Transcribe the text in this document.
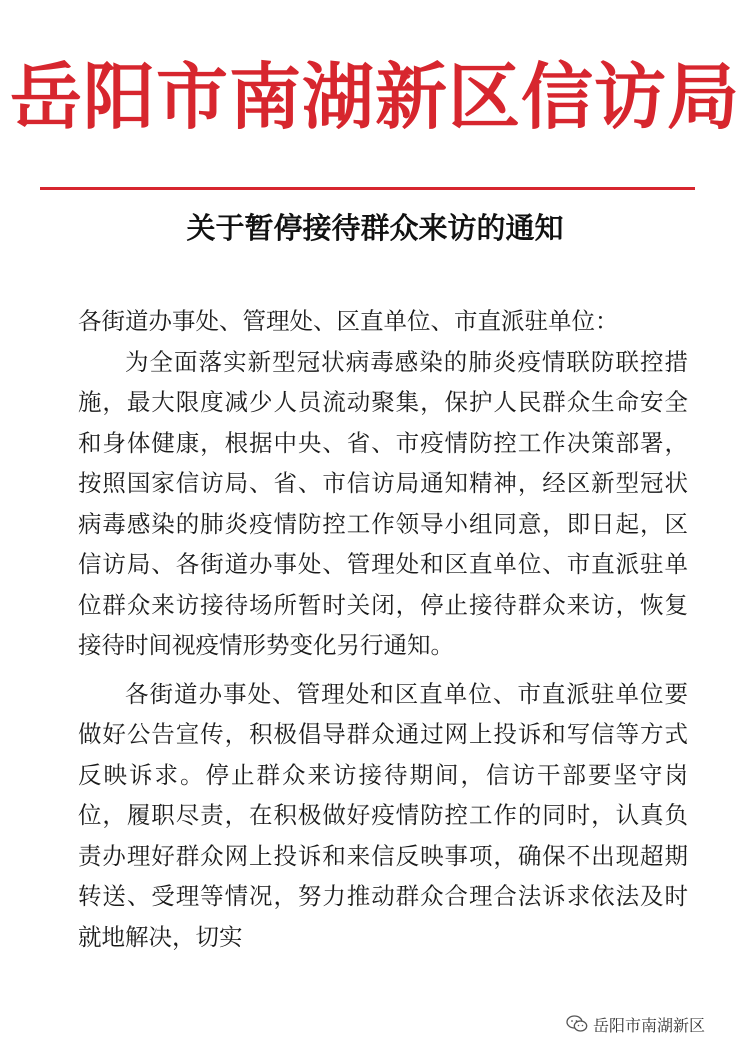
岳阳市南湖新区信访局
关于暂停接待群众来访的通知

各街道办事处、管理处、区直单位、市直派驻单位：

为全面落实新型冠状病毒感染的肺炎疫情联防联控措施，最大限度减少人员流动聚集，保护人民群众生命安全和身体健康，根据中央、省、市疫情防控工作决策部署，按照国家信访局、省、市信访局通知精神，经区新型冠状病毒感染的肺炎疫情防控工作领导小组同意，即日起，区信访局、各街道办事处、管理处和区直单位、市直派驻单位群众来访接待场所暂时关闭，停止接待群众来访，恢复接待时间视疫情形势变化另行通知。

各街道办事处、管理处和区直单位、市直派驻单位要做好公告宣传，积极倡导群众通过网上投诉和写信等方式反映诉求。停止群众来访接待期间，信访干部要坚守岗位，履职尽责，在积极做好疫情防控工作的同时，认真负责办理好群众网上投诉和来信反映事项，确保不出现超期转送、受理等情况，努力推动群众合理合法诉求依法及时就地解决，切实

岳阳市南湖新区
